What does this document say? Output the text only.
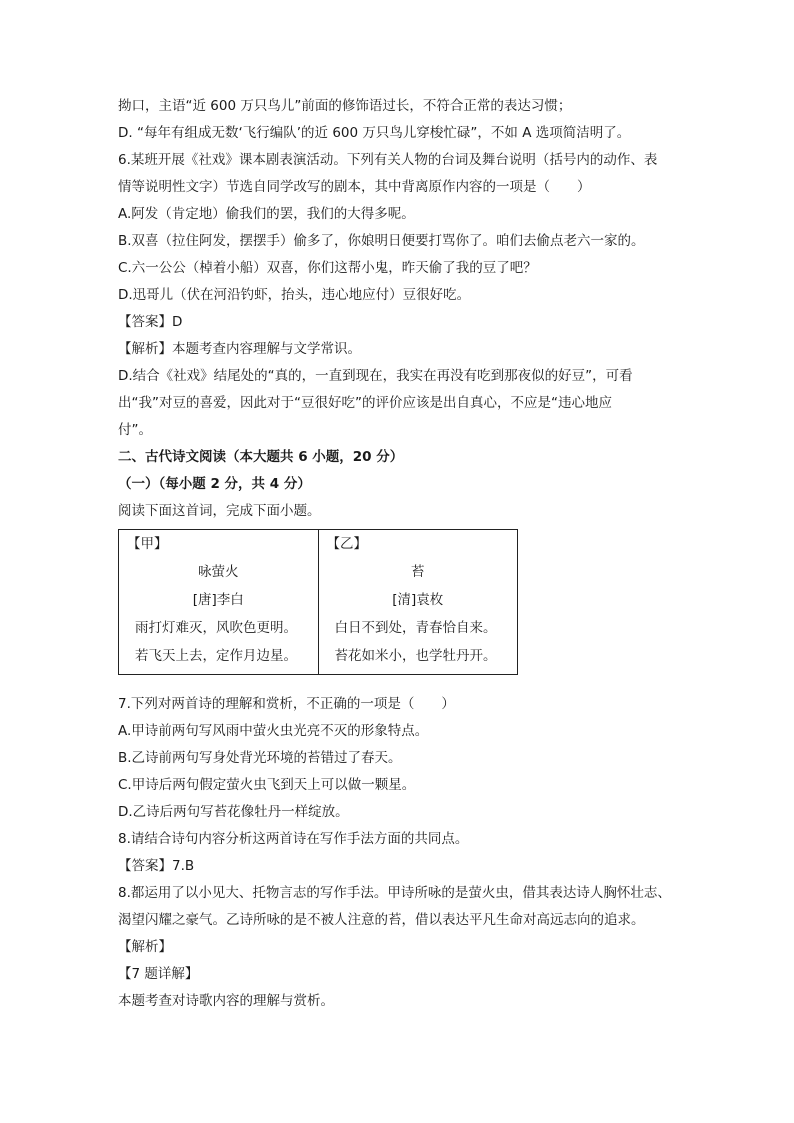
拗口，主语“近 600 万只鸟儿”前面的修饰语过长，不符合正常的表达习惯；
D. “每年有组成无数‘飞行编队’的近 600 万只鸟儿穿梭忙碌”，不如 A 选项简洁明了。
6.某班开展《社戏》课本剧表演活动。下列有关人物的台词及舞台说明（括号内的动作、表
情等说明性文字）节选自同学改写的剧本，其中背离原作内容的一项是（　　）
A.阿发（肯定地）偷我们的罢，我们的大得多呢。
B.双喜（拉住阿发，摆摆手）偷多了，你娘明日便要打骂你了。咱们去偷点老六一家的。
C.六一公公（棹着小船）双喜，你们这帮小鬼，昨天偷了我的豆了吧？
D.迅哥儿（伏在河沿钓虾，抬头，违心地应付）豆很好吃。
【答案】D
【解析】本题考查内容理解与文学常识。
D.结合《社戏》结尾处的“真的，一直到现在，我实在再没有吃到那夜似的好豆”，可看
出“我”对豆的喜爱，因此对于“豆很好吃”的评价应该是出自真心，不应是“违心地应
付”。
二、古代诗文阅读（本大题共 6 小题，20 分）
（一）（每小题 2 分，共 4 分）
阅读下面这首词，完成下面小题。
【甲】
咏萤火
[唐]李白
雨打灯难灭，风吹色更明。
若飞天上去，定作月边星。
【乙】
苔
[清]袁枚
白日不到处，青春恰自来。
苔花如米小，也学牡丹开。
7.下列对两首诗的理解和赏析，不正确的一项是（　　）
A.甲诗前两句写风雨中萤火虫光亮不灭的形象特点。
B.乙诗前两句写身处背光环境的苔错过了春天。
C.甲诗后两句假定萤火虫飞到天上可以做一颗星。
D.乙诗后两句写苔花像牡丹一样绽放。
8.请结合诗句内容分析这两首诗在写作手法方面的共同点。
【答案】7.B
8.都运用了以小见大、托物言志的写作手法。甲诗所咏的是萤火虫，借其表达诗人胸怀壮志、
渴望闪耀之豪气。乙诗所咏的是不被人注意的苔，借以表达平凡生命对高远志向的追求。
【解析】
【7 题详解】
本题考查对诗歌内容的理解与赏析。
